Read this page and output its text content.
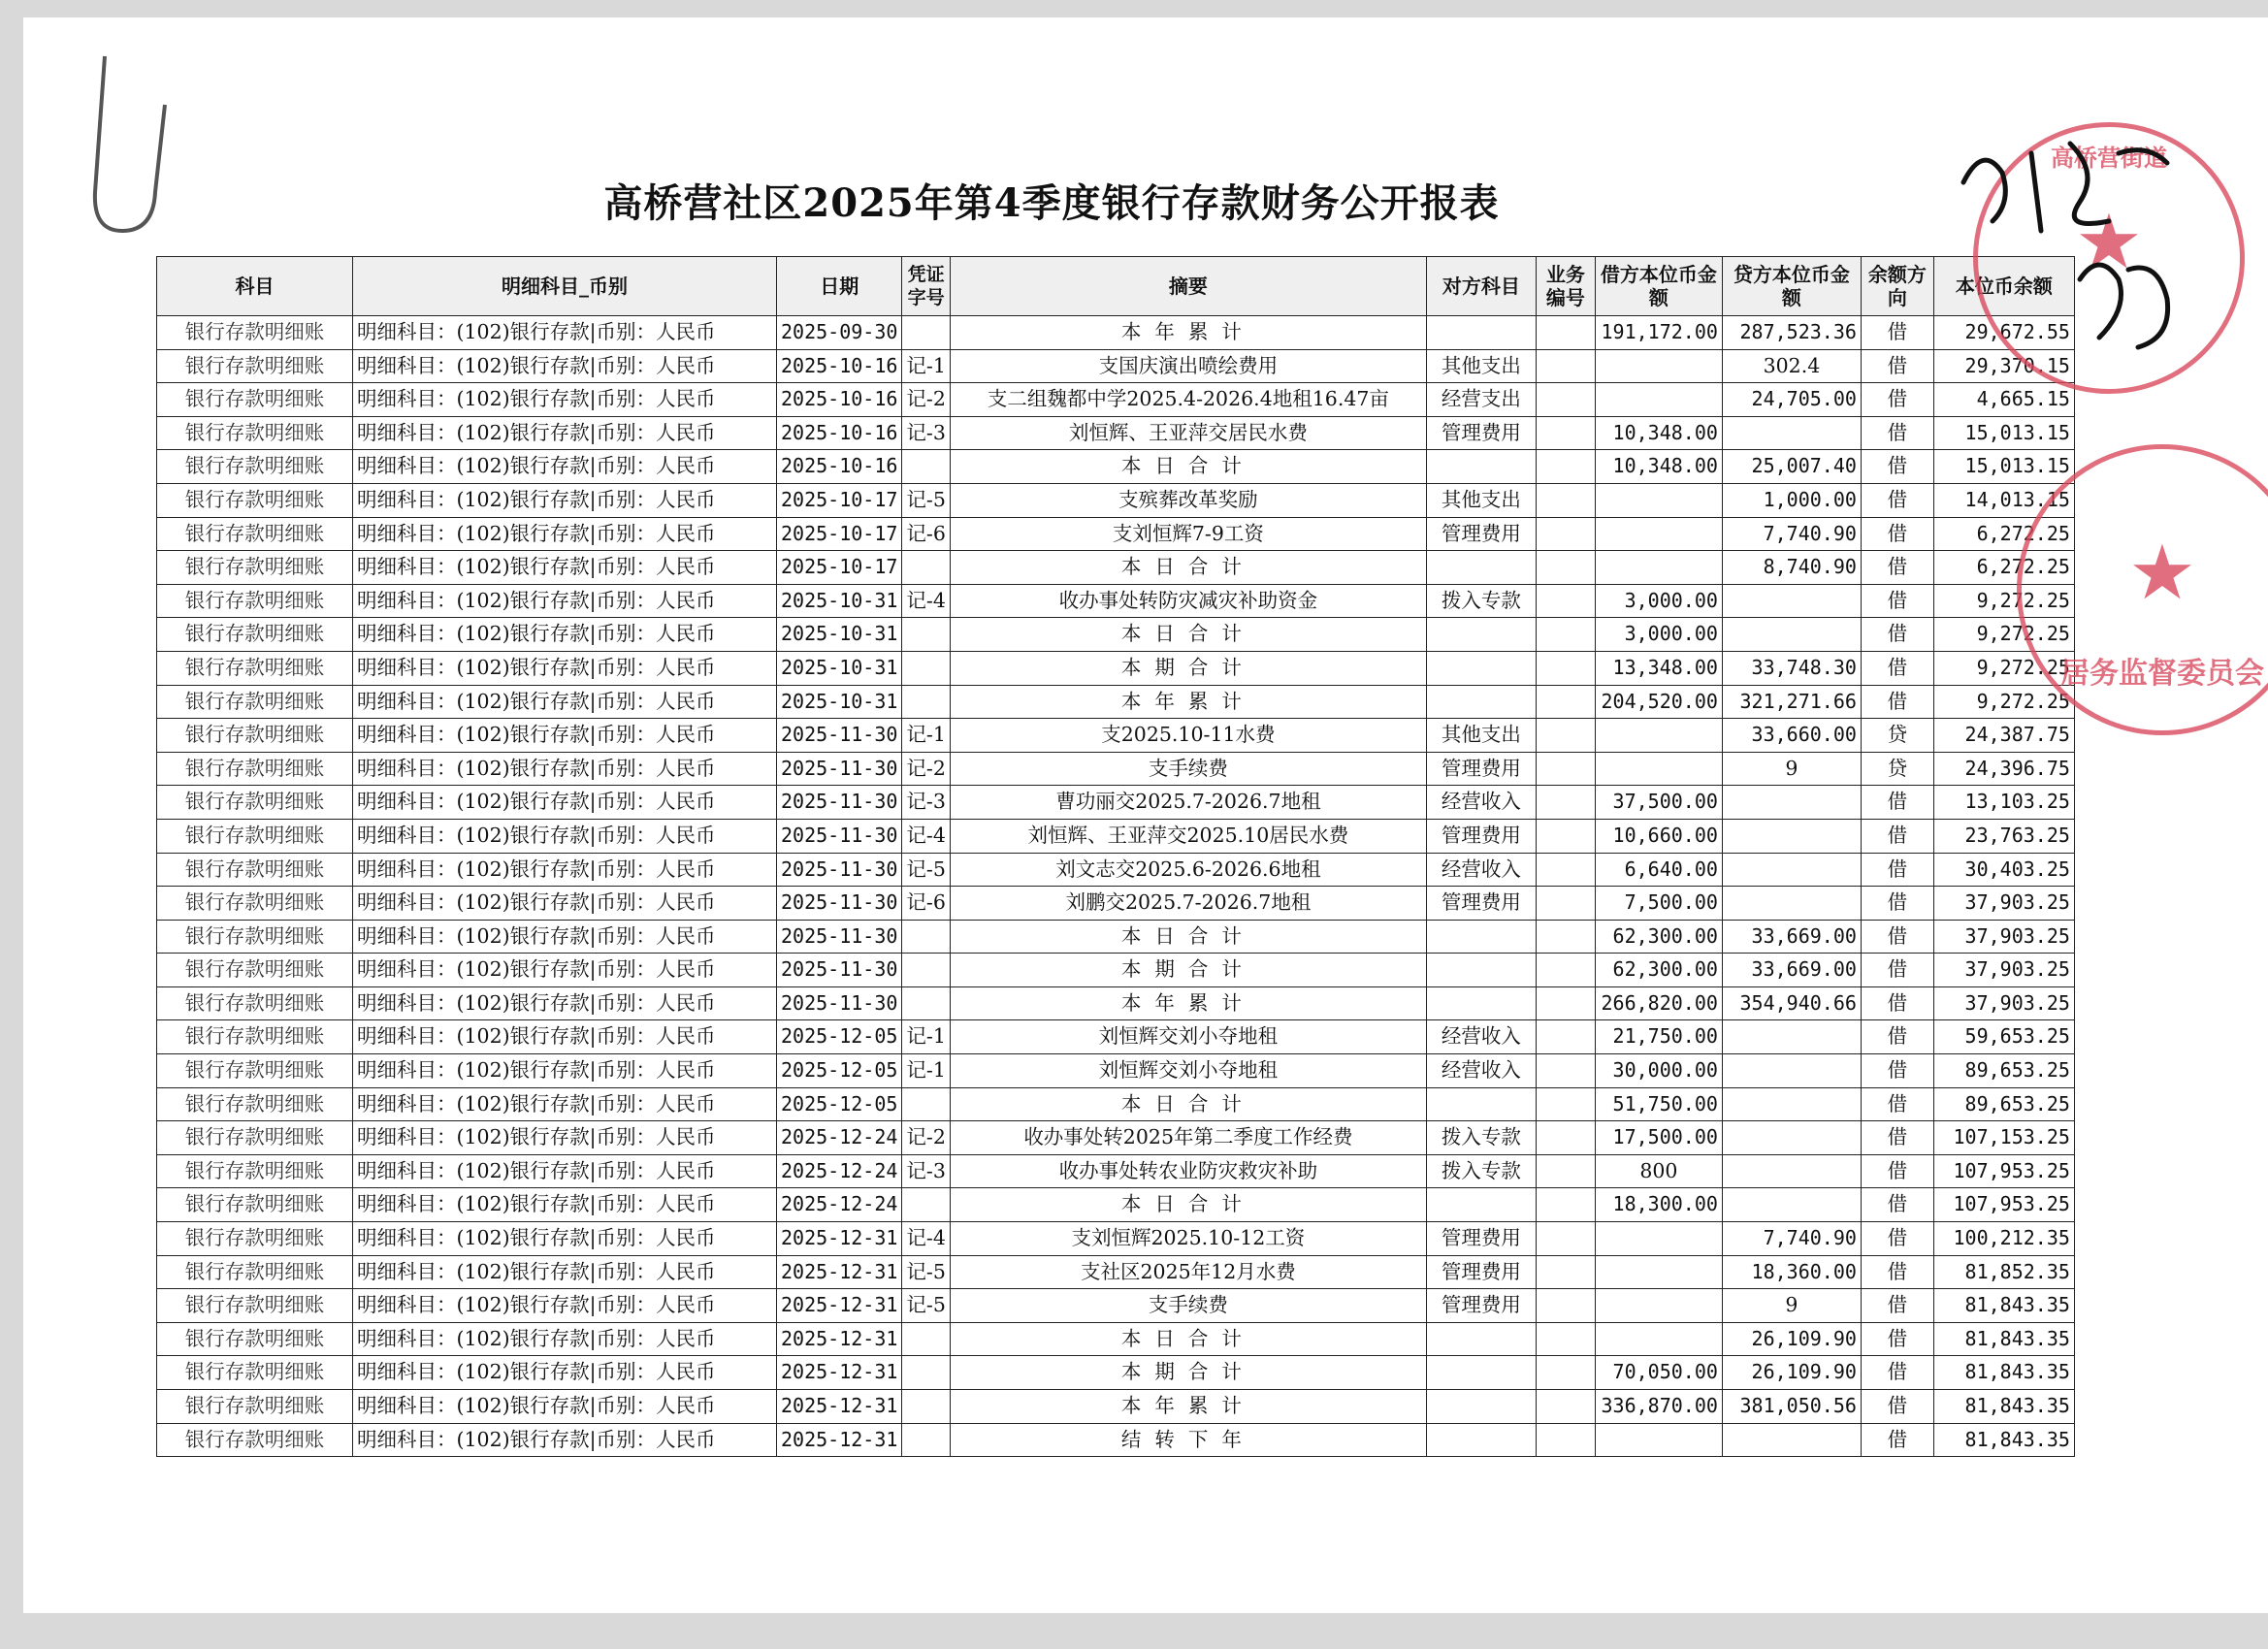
高桥营社区2025年第4季度银行存款财务公开报表
科目	明细科目_币别	日期	凭证字号	摘要	对方科目	业务编号	借方本位币金额	贷方本位币金额	余额方向	本位币余额
银行存款明细账	明细科目：(102)银行存款|币别：人民币	2025-09-30		本年累计			191,172.00	287,523.36	借	29,672.55
银行存款明细账	明细科目：(102)银行存款|币别：人民币	2025-10-16	记-1	支国庆演出喷绘费用	其他支出			302.4	借	29,370.15
银行存款明细账	明细科目：(102)银行存款|币别：人民币	2025-10-16	记-2	支二组魏都中学2025.4-2026.4地租16.47亩	经营支出			24,705.00	借	4,665.15
银行存款明细账	明细科目：(102)银行存款|币别：人民币	2025-10-16	记-3	刘恒辉、王亚萍交居民水费	管理费用		10,348.00		借	15,013.15
银行存款明细账	明细科目：(102)银行存款|币别：人民币	2025-10-16		本日合计			10,348.00	25,007.40	借	15,013.15
银行存款明细账	明细科目：(102)银行存款|币别：人民币	2025-10-17	记-5	支殡葬改革奖励	其他支出			1,000.00	借	14,013.15
银行存款明细账	明细科目：(102)银行存款|币别：人民币	2025-10-17	记-6	支刘恒辉7-9工资	管理费用			7,740.90	借	6,272.25
银行存款明细账	明细科目：(102)银行存款|币别：人民币	2025-10-17		本日合计				8,740.90	借	6,272.25
银行存款明细账	明细科目：(102)银行存款|币别：人民币	2025-10-31	记-4	收办事处转防灾减灾补助资金	拨入专款		3,000.00		借	9,272.25
银行存款明细账	明细科目：(102)银行存款|币别：人民币	2025-10-31		本日合计			3,000.00		借	9,272.25
银行存款明细账	明细科目：(102)银行存款|币别：人民币	2025-10-31		本期合计			13,348.00	33,748.30	借	9,272.25
银行存款明细账	明细科目：(102)银行存款|币别：人民币	2025-10-31		本年累计			204,520.00	321,271.66	借	9,272.25
银行存款明细账	明细科目：(102)银行存款|币别：人民币	2025-11-30	记-1	支2025.10-11水费	其他支出			33,660.00	贷	24,387.75
银行存款明细账	明细科目：(102)银行存款|币别：人民币	2025-11-30	记-2	支手续费	管理费用			9	贷	24,396.75
银行存款明细账	明细科目：(102)银行存款|币别：人民币	2025-11-30	记-3	曹功丽交2025.7-2026.7地租	经营收入		37,500.00		借	13,103.25
银行存款明细账	明细科目：(102)银行存款|币别：人民币	2025-11-30	记-4	刘恒辉、王亚萍交2025.10居民水费	管理费用		10,660.00		借	23,763.25
银行存款明细账	明细科目：(102)银行存款|币别：人民币	2025-11-30	记-5	刘文志交2025.6-2026.6地租	经营收入		6,640.00		借	30,403.25
银行存款明细账	明细科目：(102)银行存款|币别：人民币	2025-11-30	记-6	刘鹏交2025.7-2026.7地租	管理费用		7,500.00		借	37,903.25
银行存款明细账	明细科目：(102)银行存款|币别：人民币	2025-11-30		本日合计			62,300.00	33,669.00	借	37,903.25
银行存款明细账	明细科目：(102)银行存款|币别：人民币	2025-11-30		本期合计			62,300.00	33,669.00	借	37,903.25
银行存款明细账	明细科目：(102)银行存款|币别：人民币	2025-11-30		本年累计			266,820.00	354,940.66	借	37,903.25
银行存款明细账	明细科目：(102)银行存款|币别：人民币	2025-12-05	记-1	刘恒辉交刘小夺地租	经营收入		21,750.00		借	59,653.25
银行存款明细账	明细科目：(102)银行存款|币别：人民币	2025-12-05	记-1	刘恒辉交刘小夺地租	经营收入		30,000.00		借	89,653.25
银行存款明细账	明细科目：(102)银行存款|币别：人民币	2025-12-05		本日合计			51,750.00		借	89,653.25
银行存款明细账	明细科目：(102)银行存款|币别：人民币	2025-12-24	记-2	收办事处转2025年第二季度工作经费	拨入专款		17,500.00		借	107,153.25
银行存款明细账	明细科目：(102)银行存款|币别：人民币	2025-12-24	记-3	收办事处转农业防灾救灾补助	拨入专款		800		借	107,953.25
银行存款明细账	明细科目：(102)银行存款|币别：人民币	2025-12-24		本日合计			18,300.00		借	107,953.25
银行存款明细账	明细科目：(102)银行存款|币别：人民币	2025-12-31	记-4	支刘恒辉2025.10-12工资	管理费用			7,740.90	借	100,212.35
银行存款明细账	明细科目：(102)银行存款|币别：人民币	2025-12-31	记-5	支社区2025年12月水费	管理费用			18,360.00	借	81,852.35
银行存款明细账	明细科目：(102)银行存款|币别：人民币	2025-12-31	记-5	支手续费	管理费用			9	借	81,843.35
银行存款明细账	明细科目：(102)银行存款|币别：人民币	2025-12-31		本日合计				26,109.90	借	81,843.35
银行存款明细账	明细科目：(102)银行存款|币别：人民币	2025-12-31		本期合计			70,050.00	26,109.90	借	81,843.35
银行存款明细账	明细科目：(102)银行存款|币别：人民币	2025-12-31		本年累计			336,870.00	381,050.56	借	81,843.35
银行存款明细账	明细科目：(102)银行存款|币别：人民币	2025-12-31		结转下年					借	81,843.35
高桥营街道
★
★
居务监督委员会
